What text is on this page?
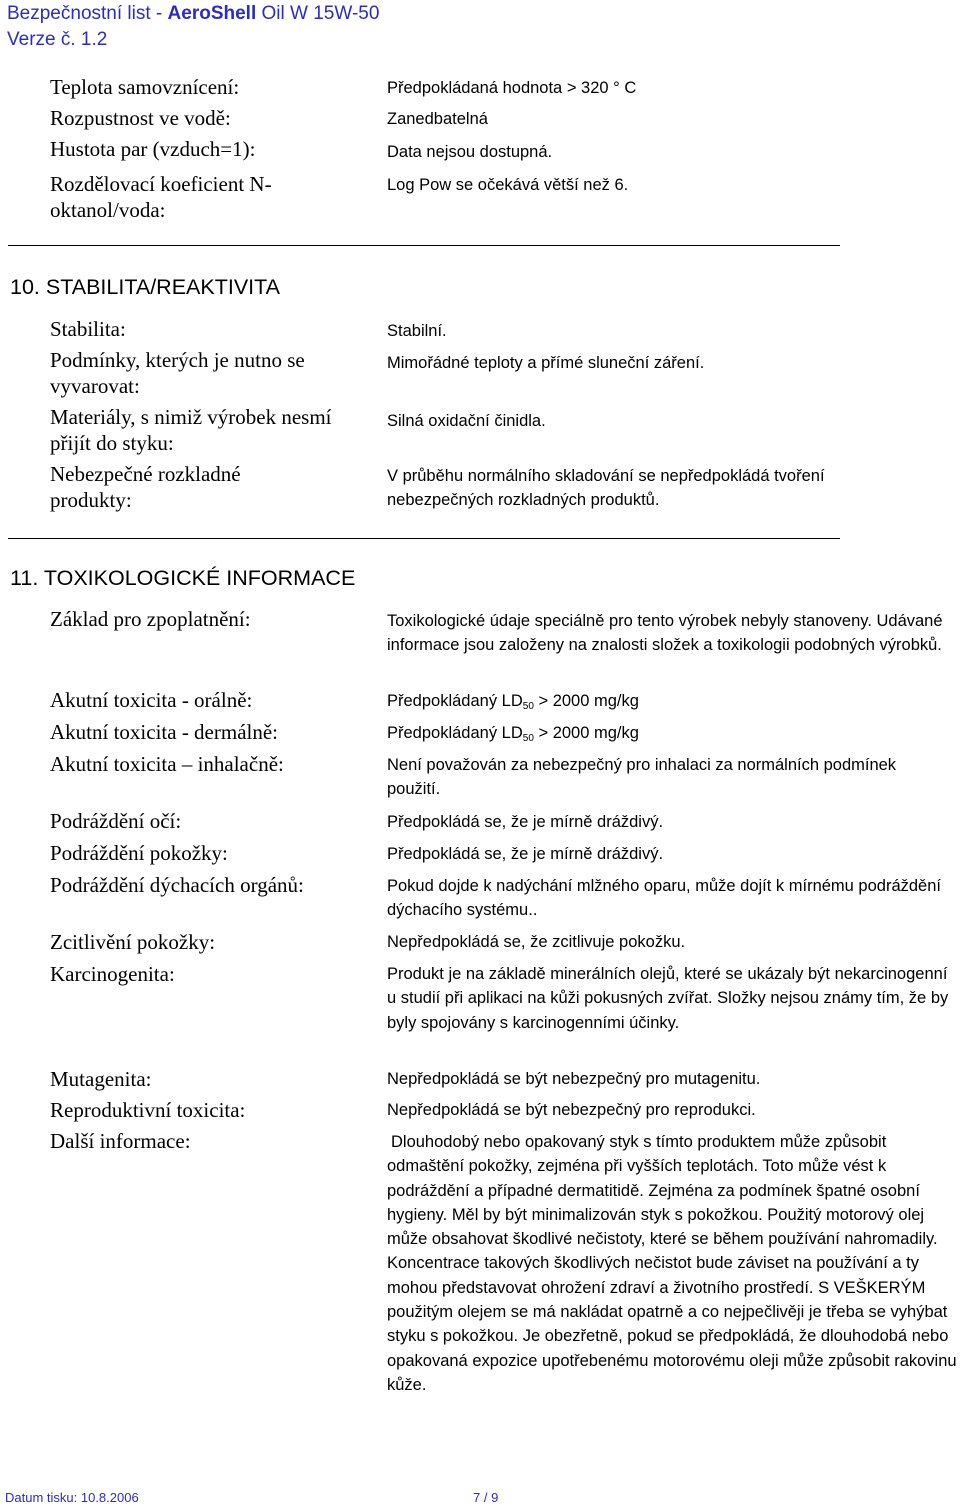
Bezpečnostní list - AeroShell Oil W 15W-50
Verze č. 1.2
Teplota samovznícení:	Předpokládaná hodnota > 320 ° C
Rozpustnost ve vodě:	Zanedbatelná
Hustota par (vzduch=1):	Data nejsou dostupná.
Rozdělovací koeficient N-oktanol/voda:
Log Pow se očekává větší než 6.
10. STABILITA/REAKTIVITA
Stabilita:	Stabilní.
Podmínky, kterých je nutno se vyvarovat:
Mimořádné teploty a přímé sluneční záření.
Materiály, s nimiž výrobek nesmí přijít do styku:
Silná oxidační činidla.
Nebezpečné rozkladné produkty:
V průběhu normálního skladování se nepředpokládá tvoření nebezpečných rozkladných produktů.
11. TOXIKOLOGICKÉ INFORMACE
Základ pro zpoplatnění:	Toxikologické údaje speciálně pro tento výrobek nebyly stanoveny. Udávané informace jsou založeny na znalosti složek a toxikologii podobných výrobků.
Akutní toxicita - orálně:	Předpokládaný $LD_{50} > 2000$ mg/kg
Akutní toxicita - dermálně:	Předpokládaný $LD_{50} > 2000$ mg/kg
Akutní toxicita – inhalačně:	Není považován za nebezpečný pro inhalaci za normálních podmínek použití.
Podráždění očí:	Předpokládá se, že je mírně dráždivý.
Podráždění pokožky:	Předpokládá se, že je mírně dráždivý.
Podráždění dýchacích orgánů:	Pokud dojde k nadýchání mlžného oparu, může dojít k mírnému podráždění dýchacího systému..
Zcitlivění pokožky:	Nepředpokládá se, že zcitlivuje pokožku.
Karcinogenita:	Produkt je na základě minerálních olejů, které se ukázaly být nekarcinogenní u studií při aplikaci na kůži pokusných zvířat. Složky nejsou známy tím, že by byly spojovány s karcinogenními účinky.
Mutagenita:	Nepředpokládá se být nebezpečný pro mutagenitu.
Reproduktivní toxicita:	Nepředpokládá se být nebezpečný pro reprodukci.
Další informace:	Dlouhodobý nebo opakovaný styk s tímto produktem může způsobit odmaštění pokožky, zejména při vyšších teplotách. Toto může vést k podráždění a případné dermatitidě. Zejména za podmínek špatné osobní hygieny. Měl by být minimalizován styk s pokožkou. Použitý motorový olej může obsahovat škodlivé nečistoty, které se během používání nahromadily. Koncentrace takových škodlivých nečistot bude záviset na používání a ty mohou představovat ohrožení zdraví a životního prostředí. S VEŠKERÝM použitým olejem se má nakládat opatrně a co nejpečlivěji je třeba se vyhýbat styku s pokožkou. Je obezřetně, pokud se předpokládá, že dlouhodobá nebo opakovaná expozice upotřebenému motorovému oleji může způsobit rakovinu kůže.
Datum tisku: 10.8.2006	7 / 9
